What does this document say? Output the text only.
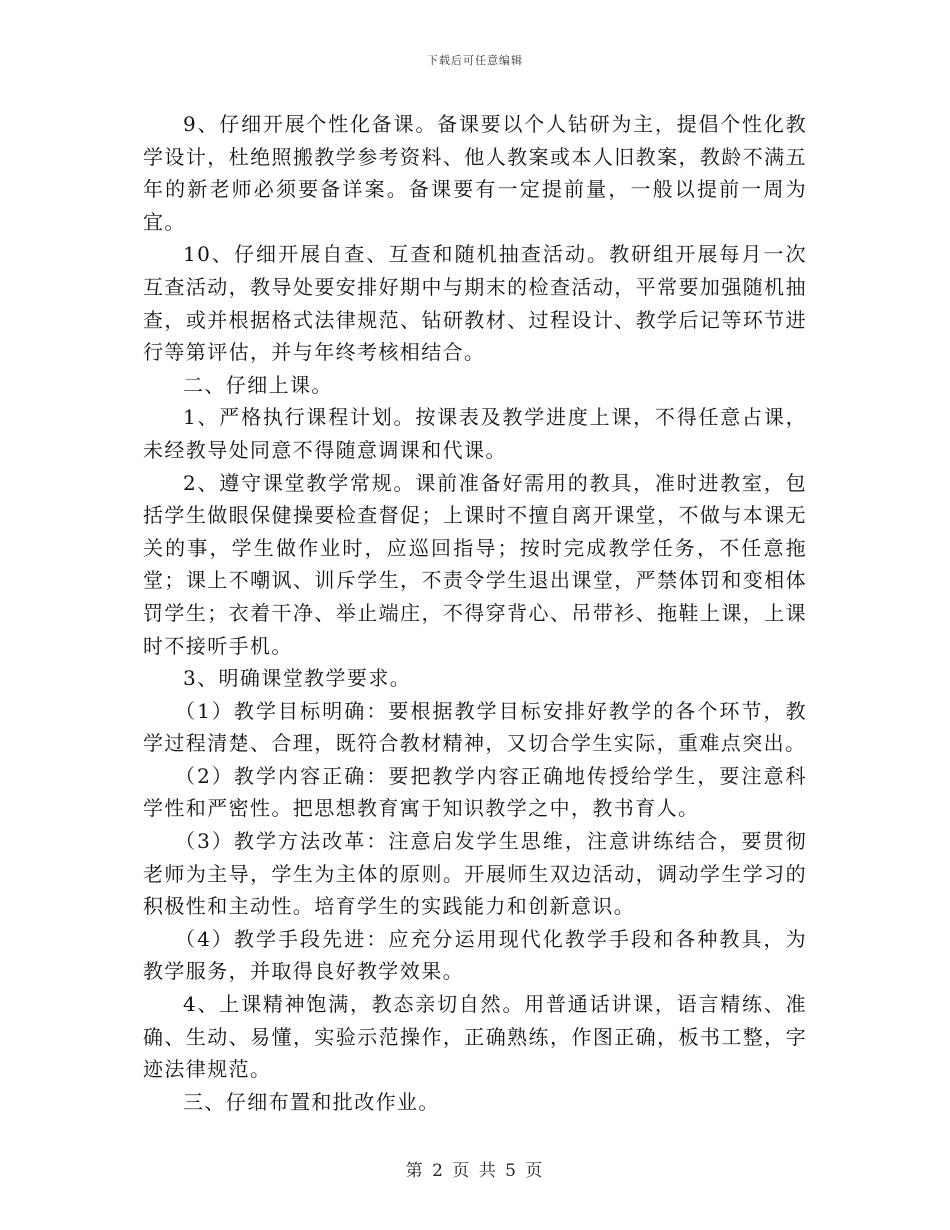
下载后可任意编辑

9、仔细开展个性化备课。备课要以个人钻研为主，提倡个性化教学设计，杜绝照搬教学参考资料、他人教案或本人旧教案，教龄不满五年的新老师必须要备详案。备课要有一定提前量，一般以提前一周为宜。

10、仔细开展自查、互查和随机抽查活动。教研组开展每月一次互查活动，教导处要安排好期中与期末的检查活动，平常要加强随机抽查，或并根据格式法律规范、钻研教材、过程设计、教学后记等环节进行等第评估，并与年终考核相结合。

二、仔细上课。

1、严格执行课程计划。按课表及教学进度上课，不得任意占课，未经教导处同意不得随意调课和代课。

2、遵守课堂教学常规。课前准备好需用的教具，准时进教室，包括学生做眼保健操要检查督促；上课时不擅自离开课堂，不做与本课无关的事，学生做作业时，应巡回指导；按时完成教学任务，不任意拖堂；课上不嘲讽、训斥学生，不责令学生退出课堂，严禁体罚和变相体罚学生；衣着干净、举止端庄，不得穿背心、吊带衫、拖鞋上课，上课时不接听手机。

3、明确课堂教学要求。

（1）教学目标明确：要根据教学目标安排好教学的各个环节，教学过程清楚、合理，既符合教材精神，又切合学生实际，重难点突出。

（2）教学内容正确：要把教学内容正确地传授给学生，要注意科学性和严密性。把思想教育寓于知识教学之中，教书育人。

（3）教学方法改革：注意启发学生思维，注意讲练结合，要贯彻老师为主导，学生为主体的原则。开展师生双边活动，调动学生学习的积极性和主动性。培育学生的实践能力和创新意识。

（4）教学手段先进：应充分运用现代化教学手段和各种教具，为教学服务，并取得良好教学效果。

4、上课精神饱满，教态亲切自然。用普通话讲课，语言精练、准确、生动、易懂，实验示范操作，正确熟练，作图正确，板书工整，字迹法律规范。

三、仔细布置和批改作业。

第 2 页 共 5 页
